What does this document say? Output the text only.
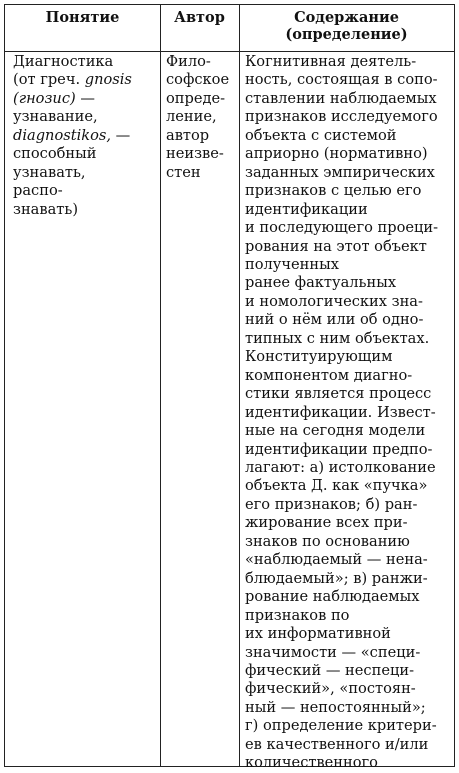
Понятие	Автор	Содержание
(определение)
Диагностика
(от греч. gnosis
(гнозис) —
узнавание,
diagnostikos, —
способный
узнавать,
распо-
знавать)
Фило-
софское
опреде-
ление,
автор
неизве-
стен
Когнитивная деятель-
ность, состоящая в сопо-
ставлении наблюдаемых
признаков исследуемого
объекта с системой
априорно (нормативно)
заданных эмпирических
признаков с целью его
идентификации
и последующего проеци-
рования на этот объект
полученных
ранее фактуальных
и номологических зна-
ний о нём или об одно-
типных с ним объектах.
Конституирующим
компонентом диагно-
стики является процесс
идентификации. Извест-
ные на сегодня модели
идентификации предпо-
лагают: а) истолкование
объекта Д. как «пучка»
его признаков; б) ран-
жирование всех при-
знаков по основанию
«наблюдаемый — нена-
блюдаемый»; в) ранжи-
рование наблюдаемых
признаков по
их информативной
значимости — «специ-
фический — неспеци-
фический», «постоян-
ный — непостоянный»;
г) определение критери-
ев качественного и/или
количественного
